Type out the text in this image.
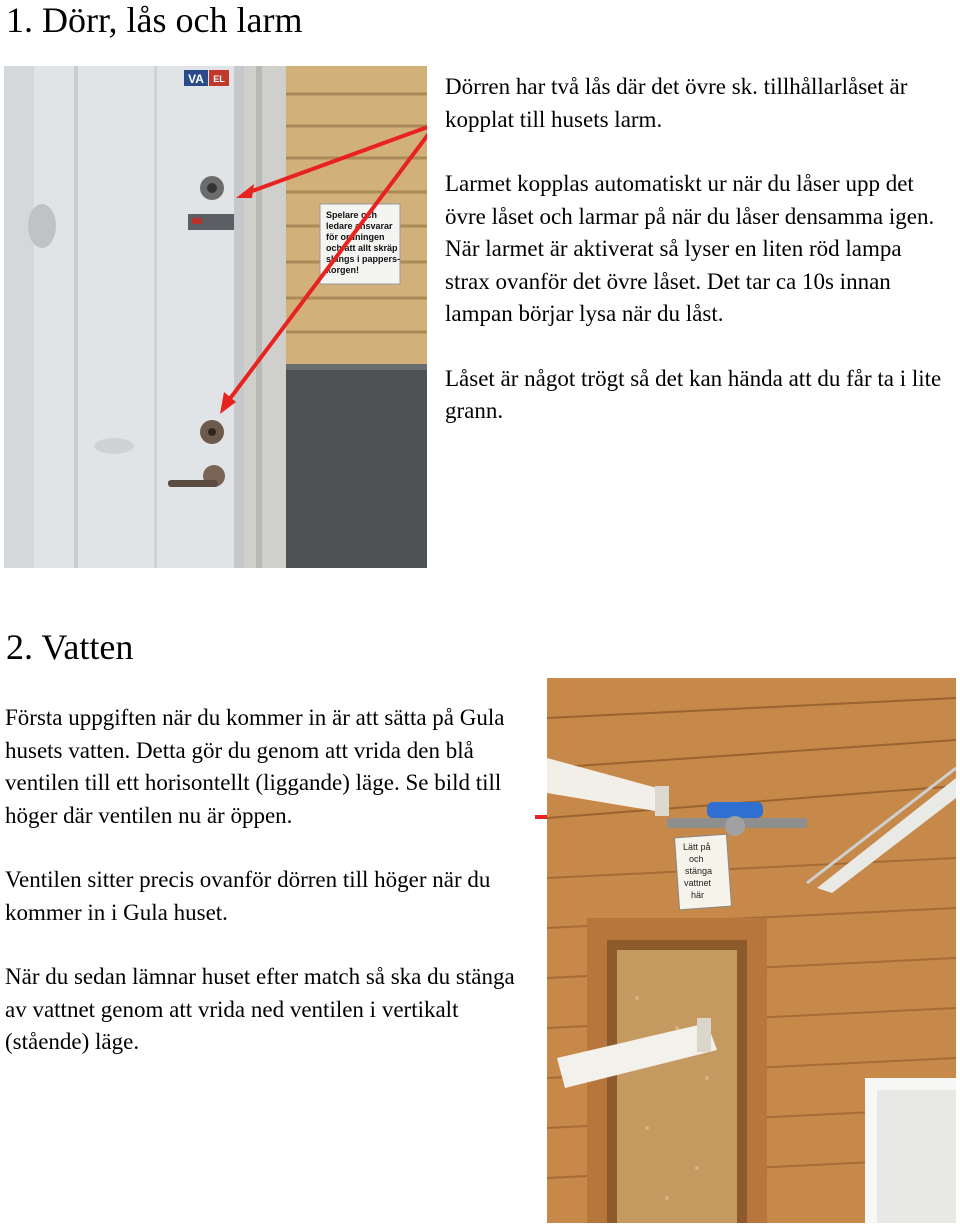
1. Dörr, lås och larm
VA EL
Spelare och
ledare ansvarar
för ordningen
och att allt skräp
slängs i pappers-
korgen!

Dörren har två lås där det övre sk. tillhållarlåset är kopplat till husets larm.

Larmet kopplas automatiskt ur när du låser upp det övre låset och larmar på när du låser densamma igen. När larmet är aktiverat så lyser en liten röd lampa strax ovanför det övre låset. Det tar ca 10s innan lampan börjar lysa när du låst.

Låset är något trögt så det kan hända att du får ta i lite grann.

2. Vatten

Första uppgiften när du kommer in är att sätta på Gula husets vatten. Detta gör du genom att vrida den blå ventilen till ett horisontellt (liggande) läge. Se bild till höger där ventilen nu är öppen.

Ventilen sitter precis ovanför dörren till höger när du kommer in i Gula huset.

När du sedan lämnar huset efter match så ska du stänga av vattnet genom att vrida ned ventilen i vertikalt (stående) läge.

Lätt på
och
stänga
vattnet
här
